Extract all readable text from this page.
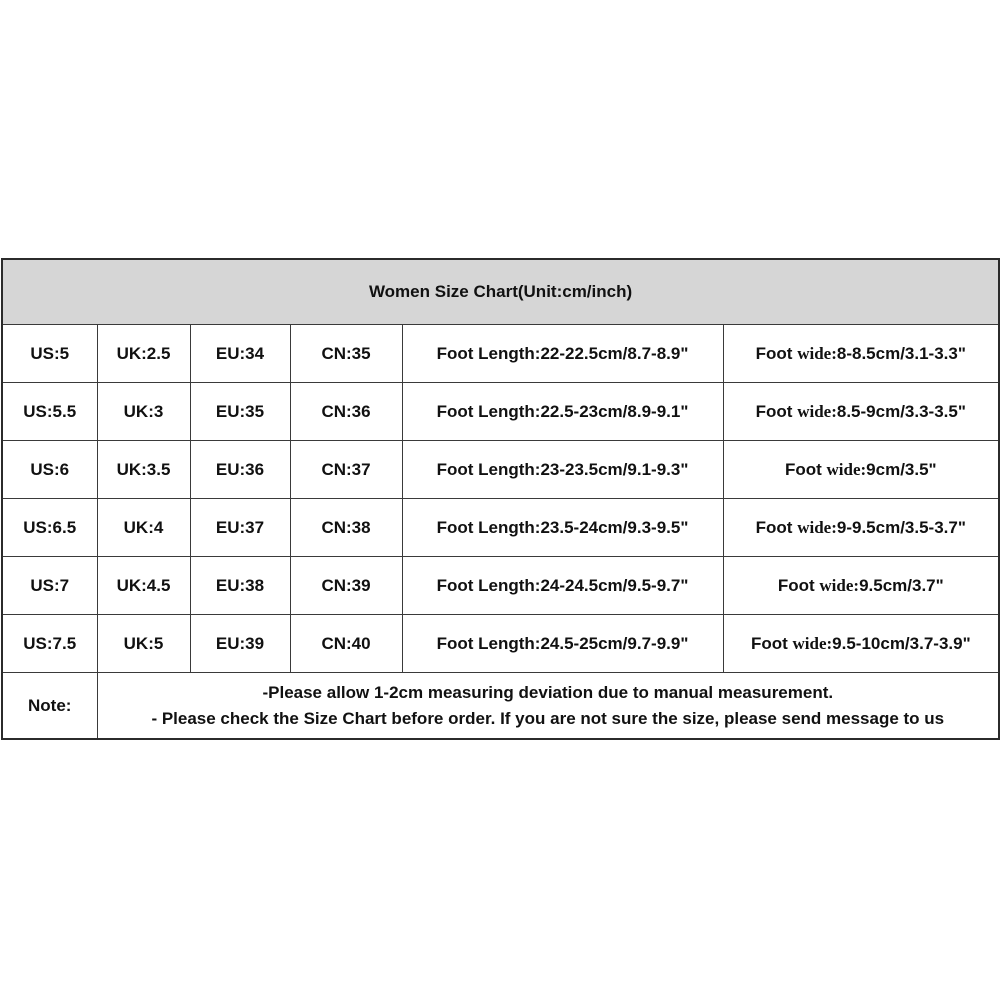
Women Size Chart(Unit:cm/inch)					
US:5	UK:2.5	EU:34	CN:35	Foot Length:22-22.5cm/8.7-8.9"	Foot wide:8-8.5cm/3.1-3.3"
US:5.5	UK:3	EU:35	CN:36	Foot Length:22.5-23cm/8.9-9.1"	Foot wide:8.5-9cm/3.3-3.5"
US:6	UK:3.5	EU:36	CN:37	Foot Length:23-23.5cm/9.1-9.3"	Foot wide:9cm/3.5"
US:6.5	UK:4	EU:37	CN:38	Foot Length:23.5-24cm/9.3-9.5"	Foot wide:9-9.5cm/3.5-3.7"
US:7	UK:4.5	EU:38	CN:39	Foot Length:24-24.5cm/9.5-9.7"	Foot wide:9.5cm/3.7"
US:7.5	UK:5	EU:39	CN:40	Foot Length:24.5-25cm/9.7-9.9"	Foot wide:9.5-10cm/3.7-3.9"
Note:	-Please allow 1-2cm measuring deviation due to manual measurement.
- Please check the Size Chart before order. If you are not sure the size, please send message to us				
